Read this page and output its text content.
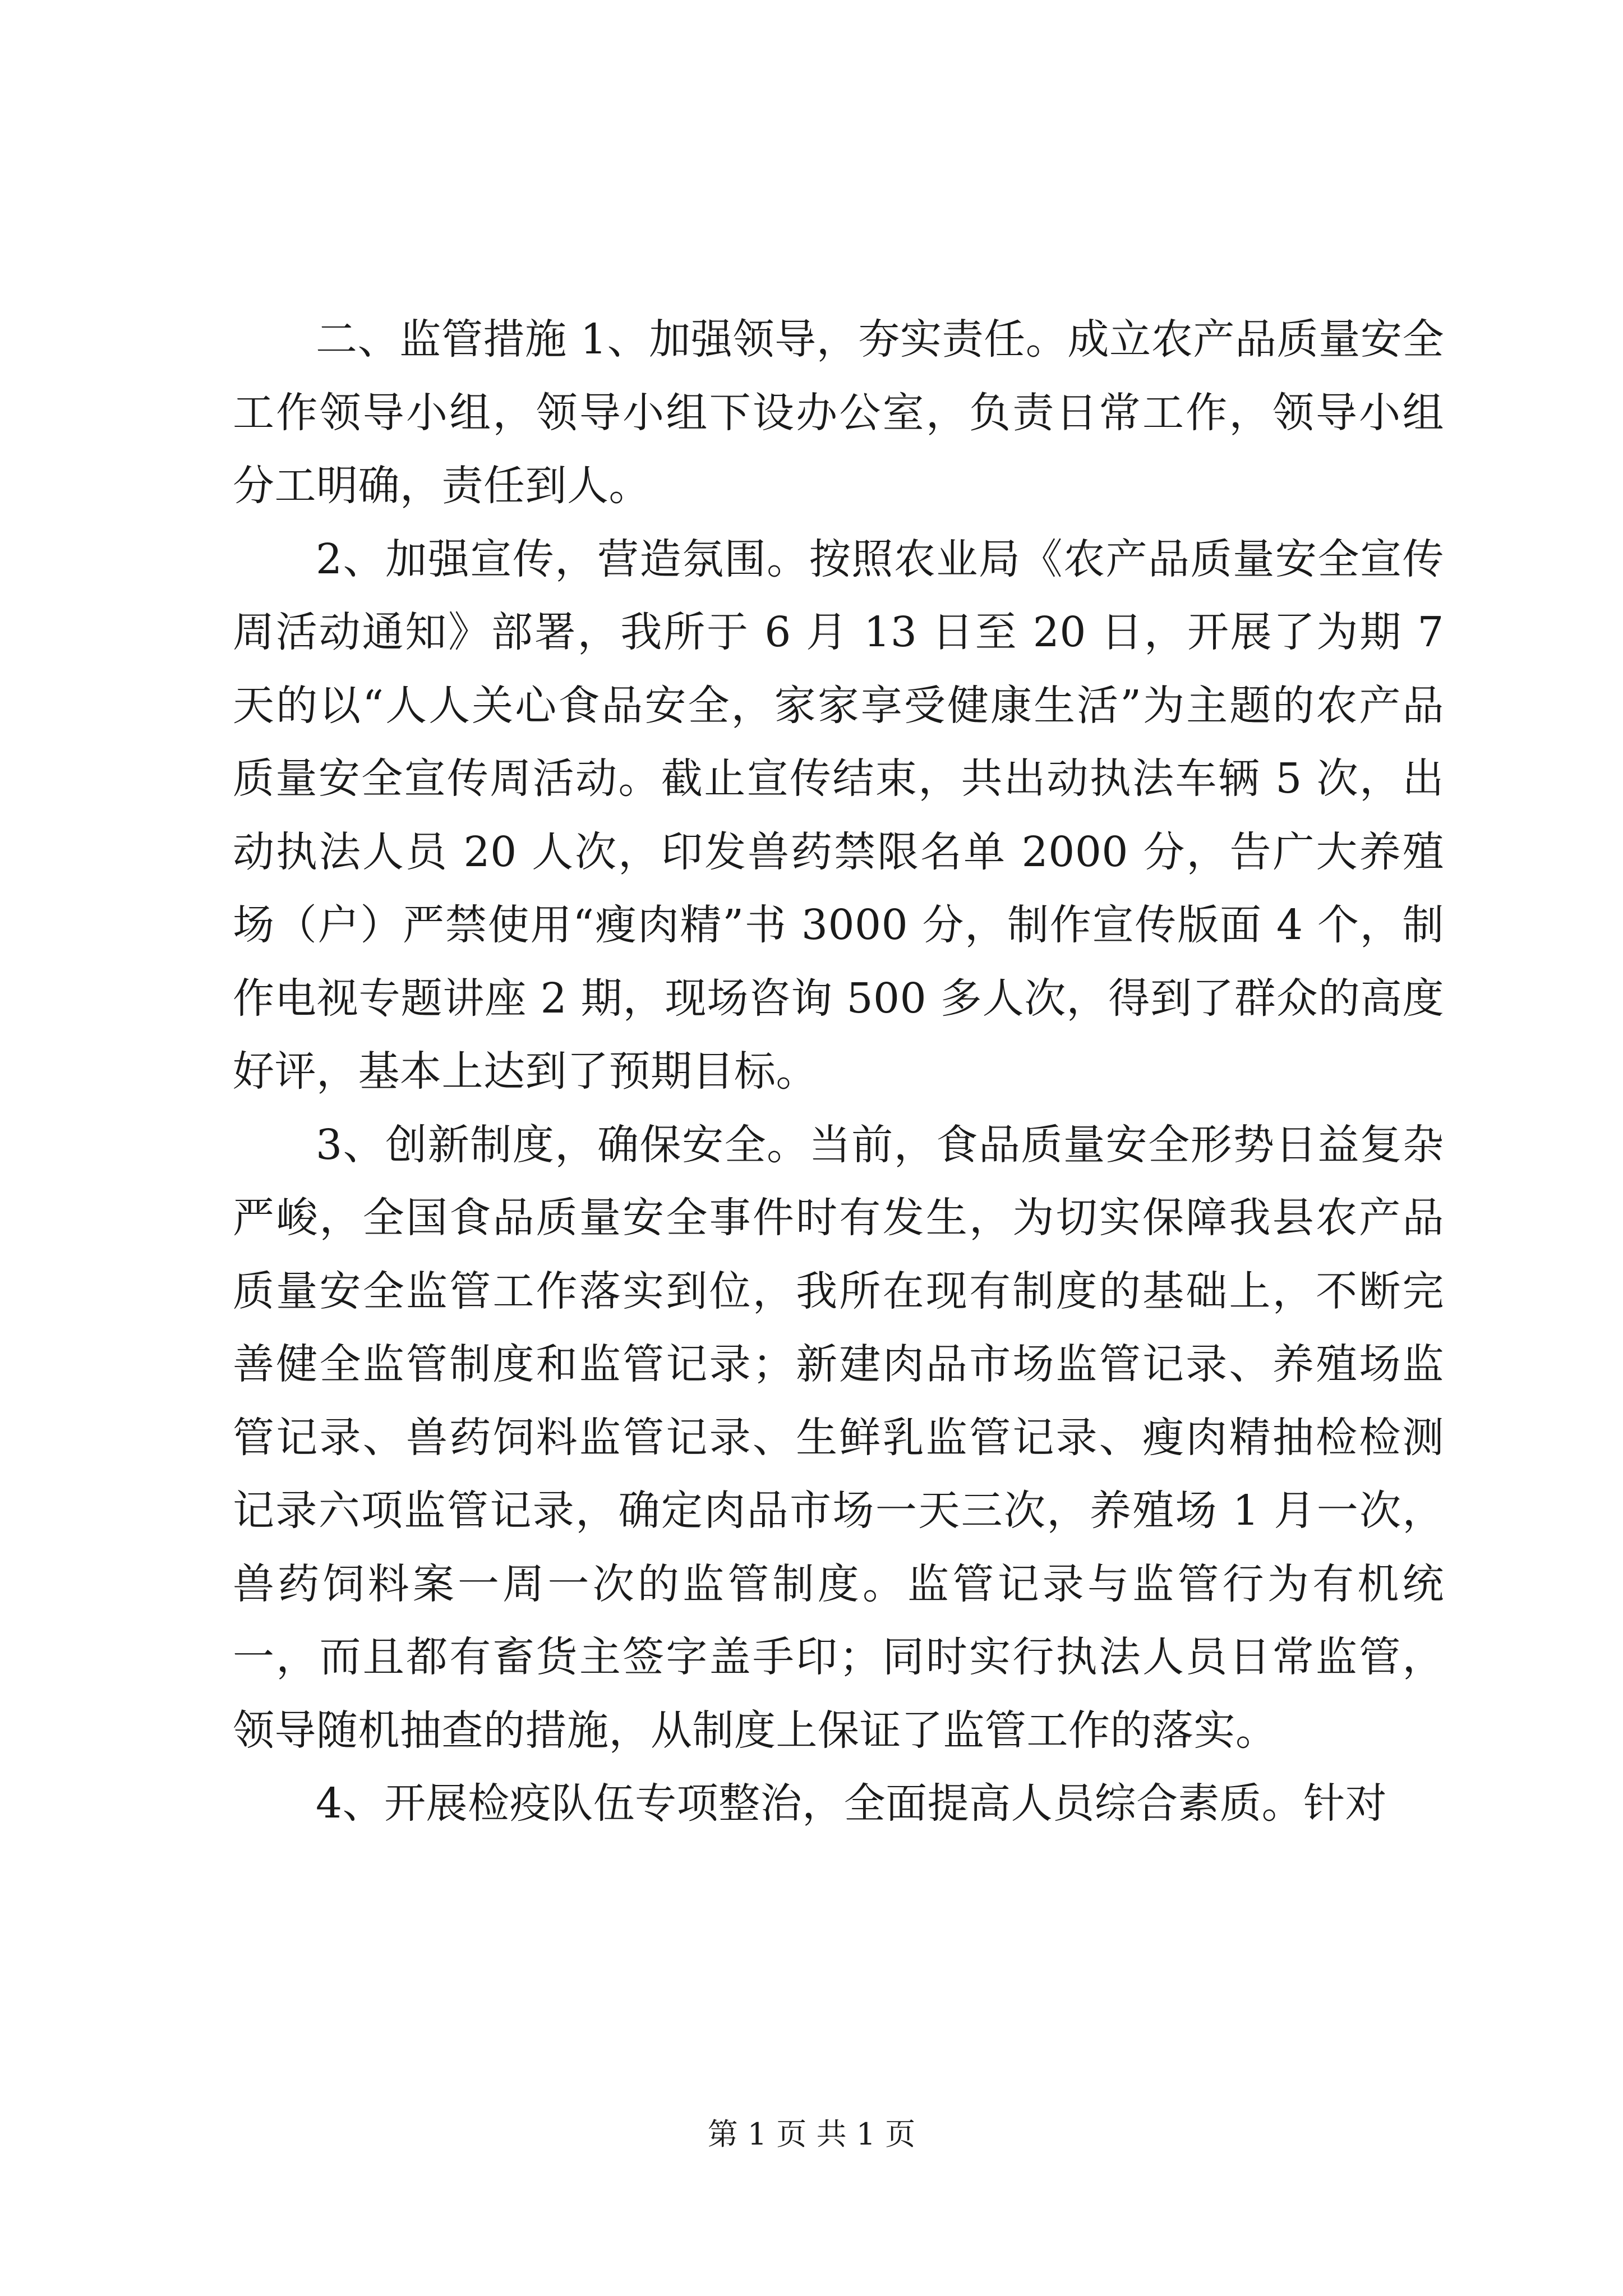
二、监管措施 1、加强领导，夯实责任。成立农产品质量安全工作领导小组，领导小组下设办公室，负责日常工作，领导小组分工明确，责任到人。

2、加强宣传，营造氛围。按照农业局《农产品质量安全宣传周活动通知》部署，我所于 6 月 13 日至 20 日，开展了为期 7 天的以“人人关心食品安全，家家享受健康生活”为主题的农产品质量安全宣传周活动。截止宣传结束，共出动执法车辆 5 次，出动执法人员 20 人次，印发兽药禁限名单 2000 分，告广大养殖场（户）严禁使用“瘦肉精”书 3000 分，制作宣传版面 4 个，制作电视专题讲座 2 期，现场咨询 500 多人次，得到了群众的高度好评，基本上达到了预期目标。

3、创新制度，确保安全。当前，食品质量安全形势日益复杂严峻，全国食品质量安全事件时有发生，为切实保障我县农产品质量安全监管工作落实到位，我所在现有制度的基础上，不断完善健全监管制度和监管记录；新建肉品市场监管记录、养殖场监管记录、兽药饲料监管记录、生鲜乳监管记录、瘦肉精抽检检测记录六项监管记录，确定肉品市场一天三次，养殖场 1 月一次，兽药饲料案一周一次的监管制度。监管记录与监管行为有机统一，而且都有畜货主签字盖手印；同时实行执法人员日常监管，领导随机抽查的措施，从制度上保证了监管工作的落实。

4、开展检疫队伍专项整治，全面提高人员综合素质。针对

第 1 页 共 1 页
